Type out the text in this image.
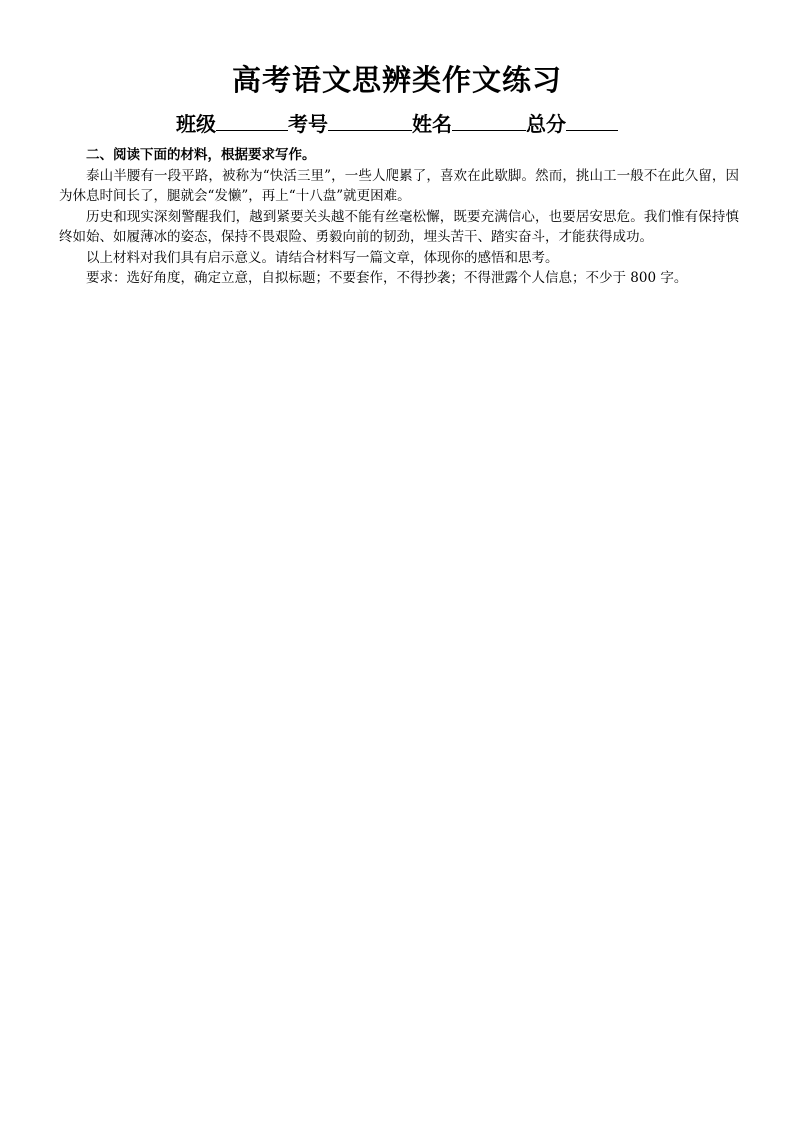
高考语文思辨类作文练习
班级	考号	姓名	总分

二、阅读下面的材料，根据要求写作。

泰山半腰有一段平路，被称为“快活三里”，一些人爬累了，喜欢在此歇脚。然而，挑山工一般不在此久留，因为休息时间长了，腿就会“发懒”，再上“十八盘”就更困难。

历史和现实深刻警醒我们，越到紧要关头越不能有丝毫松懈，既要充满信心，也要居安思危。我们惟有保持慎终如始、如履薄冰的姿态，保持不畏艰险、勇毅向前的韧劲，埋头苦干、踏实奋斗，才能获得成功。

以上材料对我们具有启示意义。请结合材料写一篇文章，体现你的感悟和思考。

要求：选好角度，确定立意，自拟标题；不要套作，不得抄袭；不得泄露个人信息；不少于 800 字。
